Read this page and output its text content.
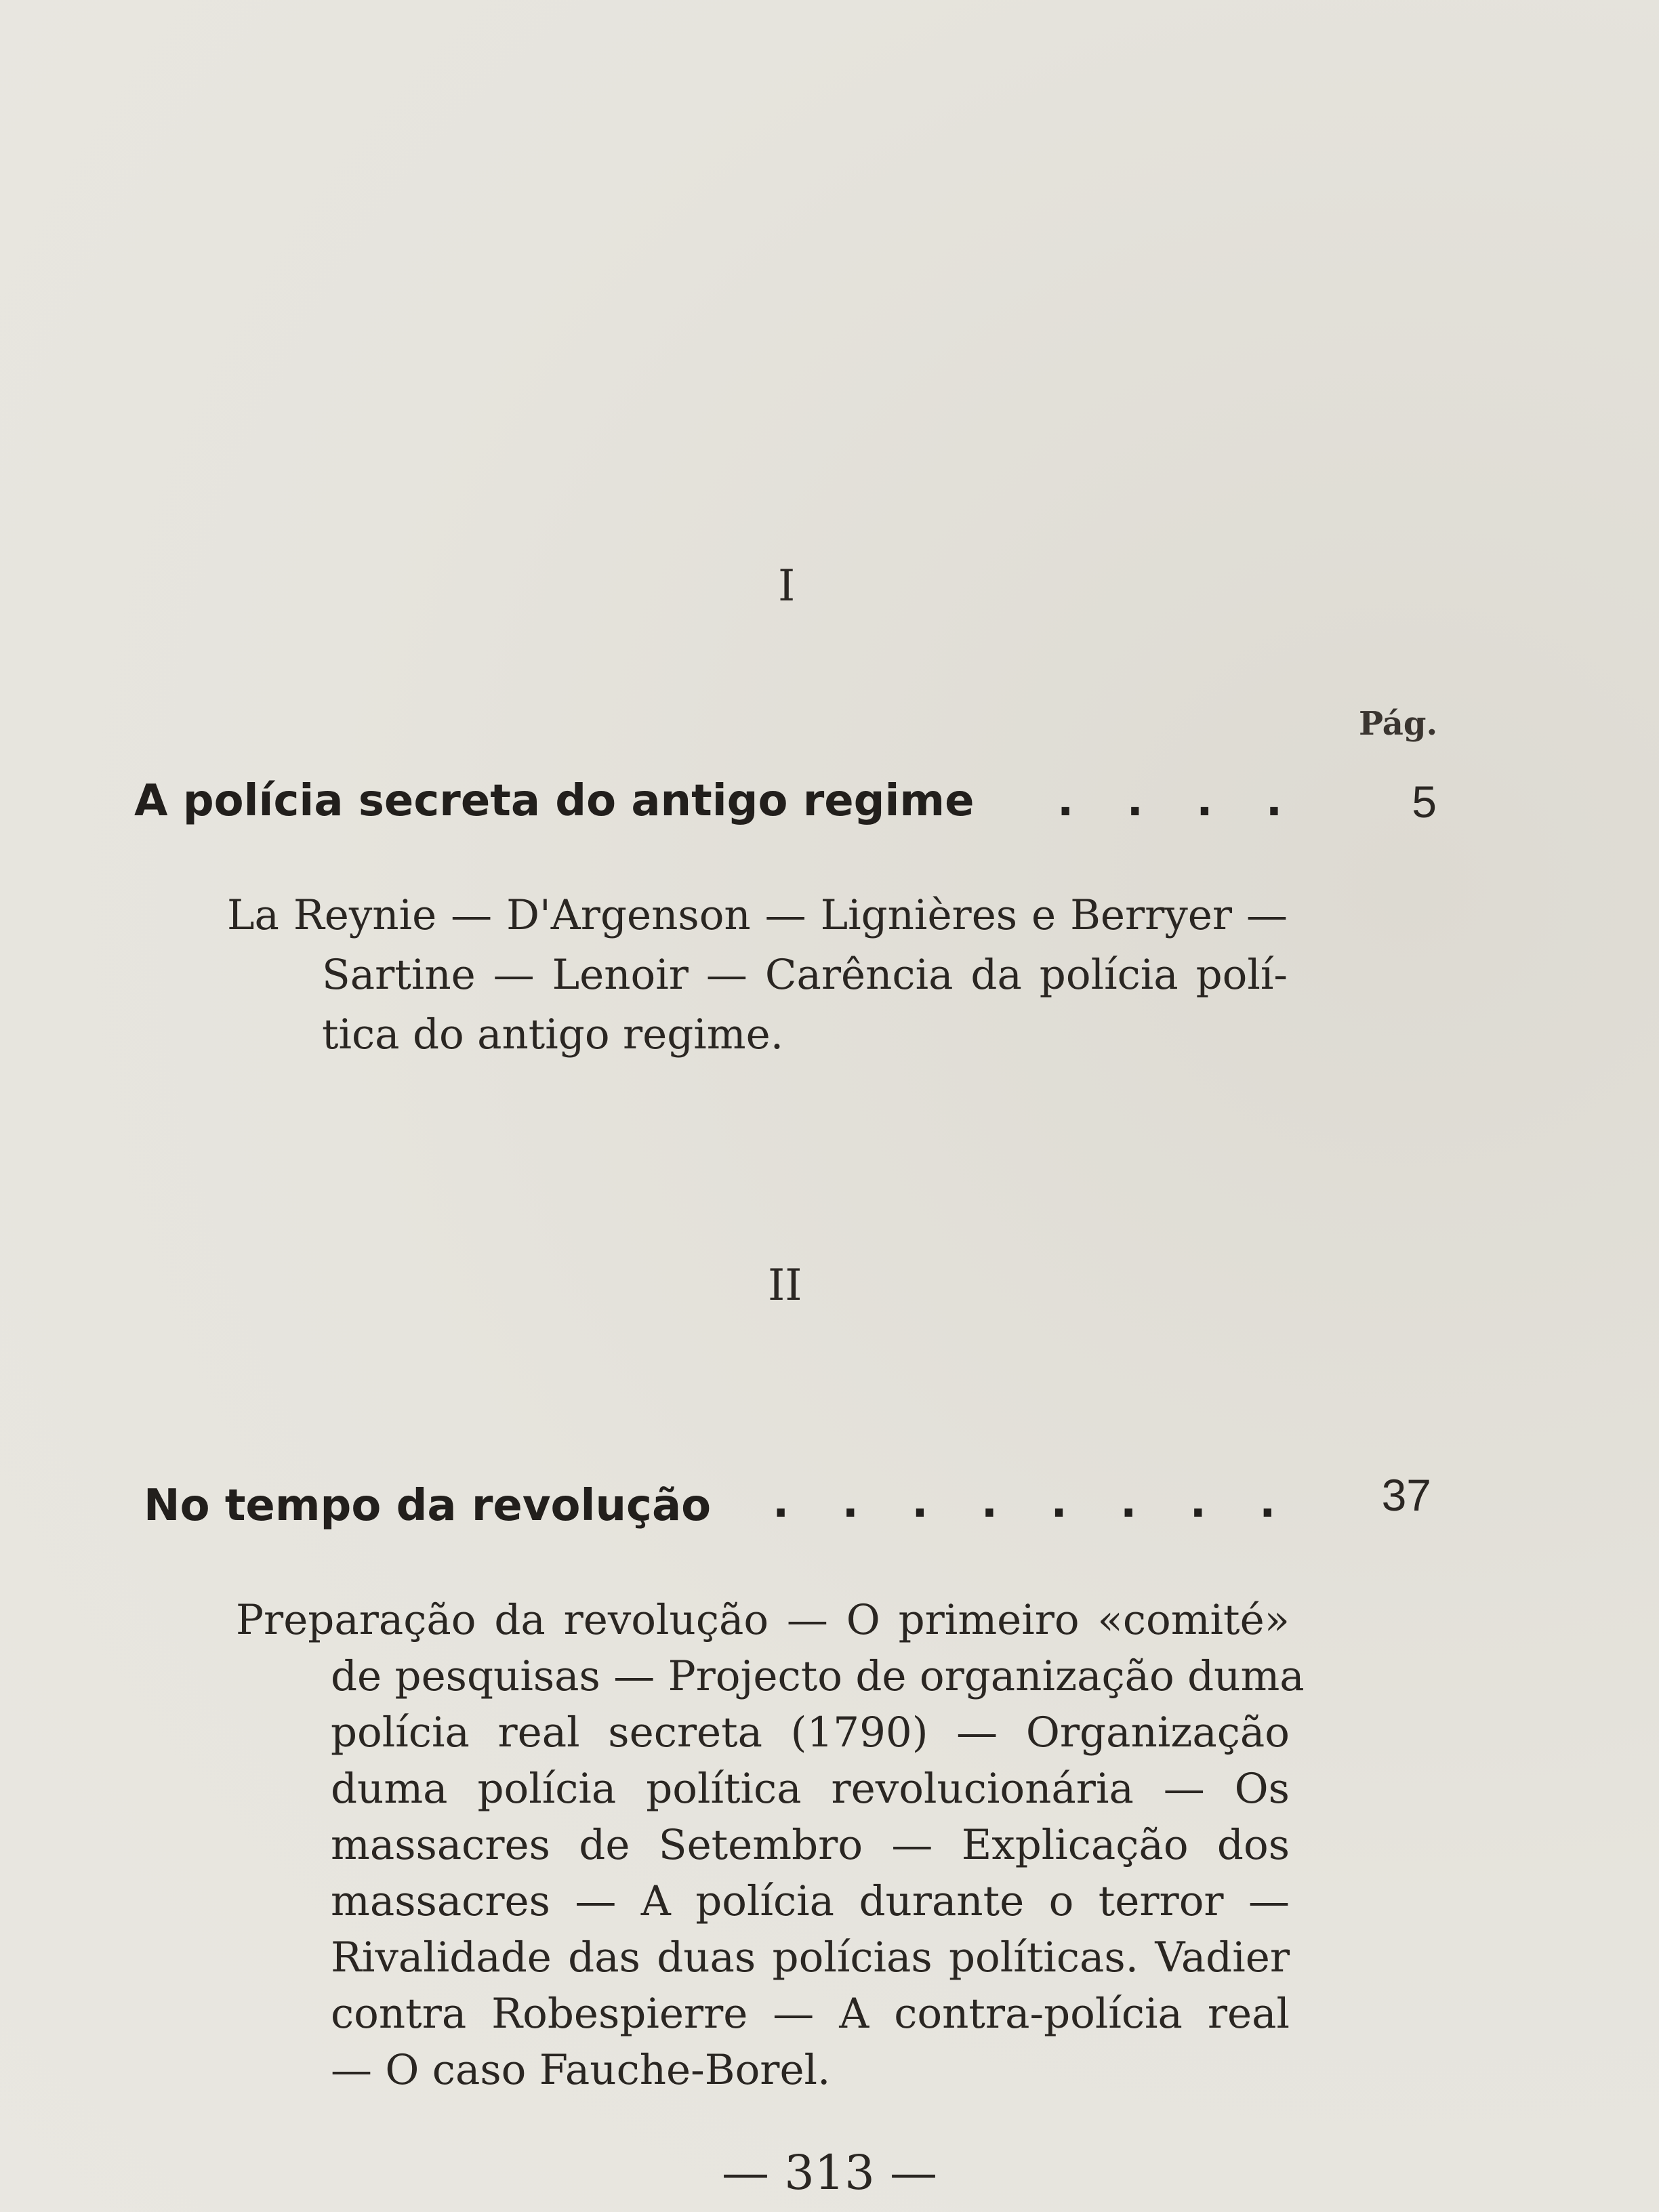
I
Pág.
A polícia secreta do antigo regime . . . .	5
La Reynie — D'Argenson — Lignières e Berryer —
Sartine — Lenoir — Carência da polícia polí-
tica do antigo regime.
II
No tempo da revolução . . . . . . . .	37
Preparação da revolução — O primeiro «comité»
de pesquisas — Projecto de organização duma
polícia real secreta (1790) — Organização
duma polícia política revolucionária — Os
massacres de Setembro — Explicação dos
massacres — A polícia durante o terror —
Rivalidade das duas polícias políticas. Vadier
contra Robespierre — A contra-polícia real
— O caso Fauche-Borel.
— 313 —
